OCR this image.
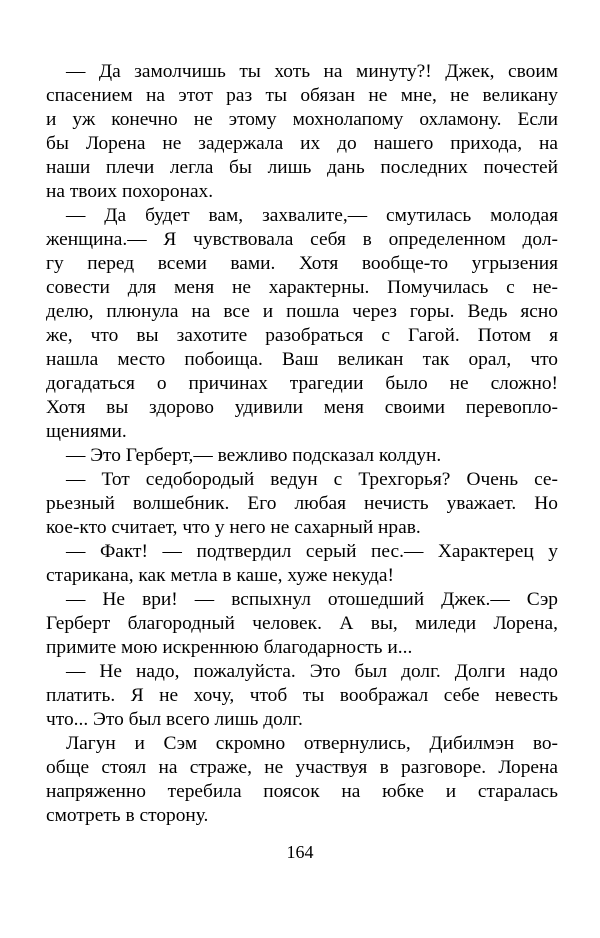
— Да замолчишь ты хоть на минуту?! Джек, своим
спасением на этот раз ты обязан не мне, не великану
и уж конечно не этому мохнолапому охламону. Если
бы Лорена не задержала их до нашего прихода, на
наши плечи легла бы лишь дань последних почестей
на твоих похоронах.

— Да будет вам, захвалите,— смутилась молодая
женщина.— Я чувствовала себя в определенном дол-
гу перед всеми вами. Хотя вообще-то угрызения
совести для меня не характерны. Помучилась с не-
делю, плюнула на все и пошла через горы. Ведь ясно
же, что вы захотите разобраться с Гагой. Потом я
нашла место побоища. Ваш великан так орал, что
догадаться о причинах трагедии было не сложно!
Хотя вы здорово удивили меня своими перевопло-
щениями.

— Это Герберт,— вежливо подсказал колдун.

— Тот седобородый ведун с Трехгорья? Очень се-
рьезный волшебник. Его любая нечисть уважает. Но
кое-кто считает, что у него не сахарный нрав.

— Факт! — подтвердил серый пес.— Характерец у
старикана, как метла в каше, хуже некуда!

— Не ври! — вспыхнул отошедший Джек.— Сэр
Герберт благородный человек. А вы, миледи Лорена,
примите мою искреннюю благодарность и...

— Не надо, пожалуйста. Это был долг. Долги надо
платить. Я не хочу, чтоб ты воображал себе невесть
что... Это был всего лишь долг.

Лагун и Сэм скромно отвернулись, Дибилмэн во-
обще стоял на страже, не участвуя в разговоре. Лорена
напряженно теребила поясок на юбке и старалась
смотреть в сторону.

164
